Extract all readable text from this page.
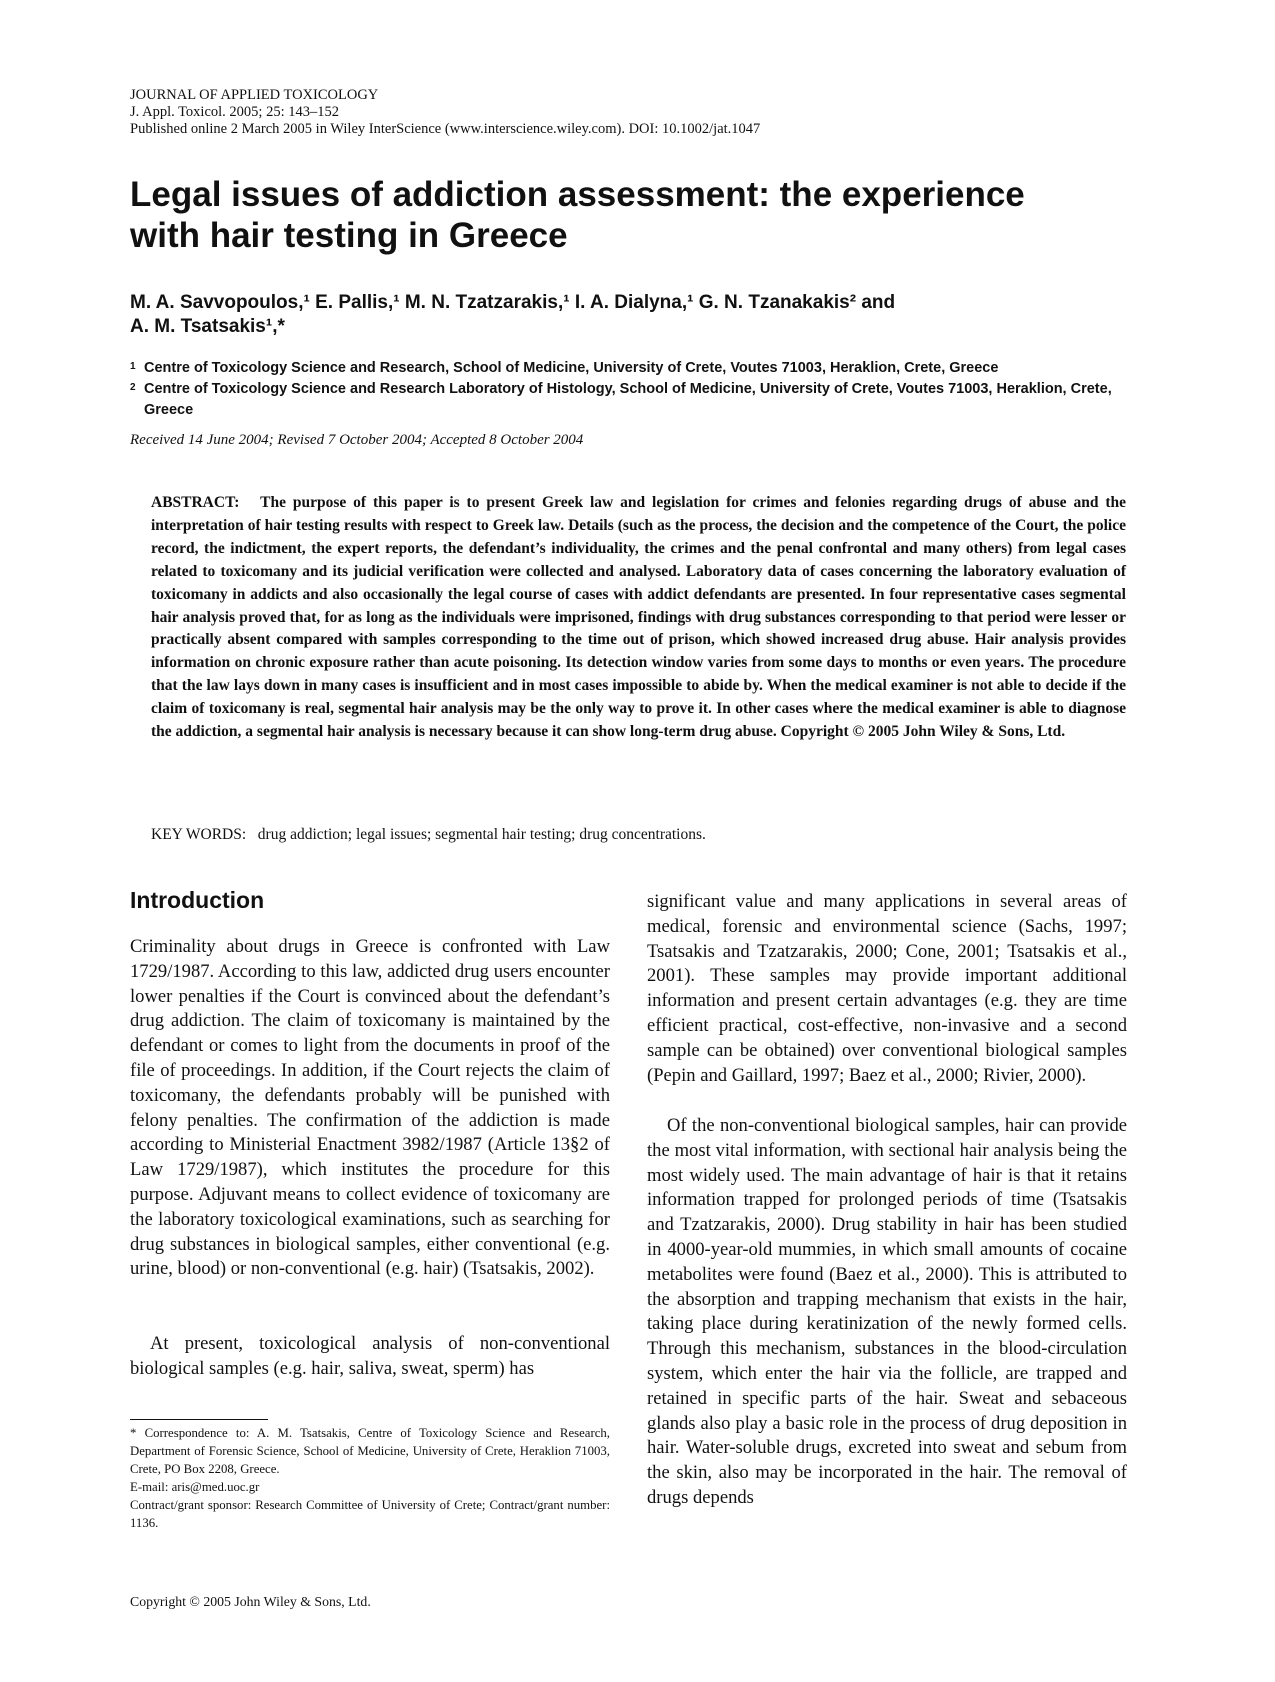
JOURNAL OF APPLIED TOXICOLOGY
J. Appl. Toxicol. 2005; 25: 143–152
Published online 2 March 2005 in Wiley InterScience (www.interscience.wiley.com). DOI: 10.1002/jat.1047
Legal issues of addiction assessment: the experience
with hair testing in Greece
M. A. Savvopoulos,¹ E. Pallis,¹ M. N. Tzatzarakis,¹ I. A. Dialyna,¹ G. N. Tzanakakis² and
A. M. Tsatsakis¹,*
1 Centre of Toxicology Science and Research, School of Medicine, University of Crete, Voutes 71003, Heraklion, Crete, Greece
2 Centre of Toxicology Science and Research Laboratory of Histology, School of Medicine, University of Crete, Voutes 71003, Heraklion, Crete, Greece
Received 14 June 2004; Revised 7 October 2004; Accepted 8 October 2004

ABSTRACT: The purpose of this paper is to present Greek law and legislation for crimes and felonies regarding drugs of abuse and the interpretation of hair testing results with respect to Greek law. Details (such as the process, the decision and the competence of the Court, the police record, the indictment, the expert reports, the defendant’s individuality, the crimes and the penal confrontal and many others) from legal cases related to toxicomany and its judicial verification were collected and analysed. Laboratory data of cases concerning the laboratory evaluation of toxicomany in addicts and also occasionally the legal course of cases with addict defendants are presented. In four representative cases segmental hair analysis proved that, for as long as the individuals were imprisoned, findings with drug substances corresponding to that period were lesser or practically absent compared with samples corresponding to the time out of prison, which showed increased drug abuse. Hair analysis provides information on chronic exposure rather than acute poisoning. Its detection window varies from some days to months or even years. The procedure that the law lays down in many cases is insufficient and in most cases impossible to abide by. When the medical examiner is not able to decide if the claim of toxicomany is real, segmental hair analysis may be the only way to prove it. In other cases where the medical examiner is able to diagnose the addiction, a segmental hair analysis is necessary because it can show long-term drug abuse. Copyright © 2005 John Wiley & Sons, Ltd.

KEY WORDS: drug addiction; legal issues; segmental hair testing; drug concentrations.
Introduction

Criminality about drugs in Greece is confronted with Law 1729/1987. According to this law, addicted drug users encounter lower penalties if the Court is convinced about the defendant’s drug addiction. The claim of toxicomany is maintained by the defendant or comes to light from the documents in proof of the file of proceedings. In addition, if the Court rejects the claim of toxicomany, the defendants probably will be punished with felony penalties. The confirmation of the addiction is made according to Ministerial Enactment 3982/1987 (Article 13§2 of Law 1729/1987), which institutes the procedure for this purpose. Adjuvant means to collect evidence of toxicomany are the laboratory toxicological examinations, such as searching for drug substances in biological samples, either conventional (e.g. urine, blood) or non-conventional (e.g. hair) (Tsatsakis, 2002).

At present, toxicological analysis of non-conventional biological samples (e.g. hair, saliva, sweat, sperm) has

significant value and many applications in several areas of medical, forensic and environmental science (Sachs, 1997; Tsatsakis and Tzatzarakis, 2000; Cone, 2001; Tsatsakis et al., 2001). These samples may provide important additional information and present certain advantages (e.g. they are time efficient practical, cost-effective, non-invasive and a second sample can be obtained) over conventional biological samples (Pepin and Gaillard, 1997; Baez et al., 2000; Rivier, 2000).

Of the non-conventional biological samples, hair can provide the most vital information, with sectional hair analysis being the most widely used. The main advantage of hair is that it retains information trapped for prolonged periods of time (Tsatsakis and Tzatzarakis, 2000). Drug stability in hair has been studied in 4000-year-old mummies, in which small amounts of cocaine metabolites were found (Baez et al., 2000). This is attributed to the absorption and trapping mechanism that exists in the hair, taking place during keratinization of the newly formed cells. Through this mechanism, substances in the blood-circulation system, which enter the hair via the follicle, are trapped and retained in specific parts of the hair. Sweat and sebaceous glands also play a basic role in the process of drug deposition in hair. Water-soluble drugs, excreted into sweat and sebum from the skin, also may be incorporated in the hair. The removal of drugs depends

* Correspondence to: A. M. Tsatsakis, Centre of Toxicology Science and Research, Department of Forensic Science, School of Medicine, University of Crete, Heraklion 71003, Crete, PO Box 2208, Greece.

E-mail: aris@med.uoc.gr

Contract/grant sponsor: Research Committee of University of Crete; Contract/grant number: 1136.

Copyright © 2005 John Wiley & Sons, Ltd.
